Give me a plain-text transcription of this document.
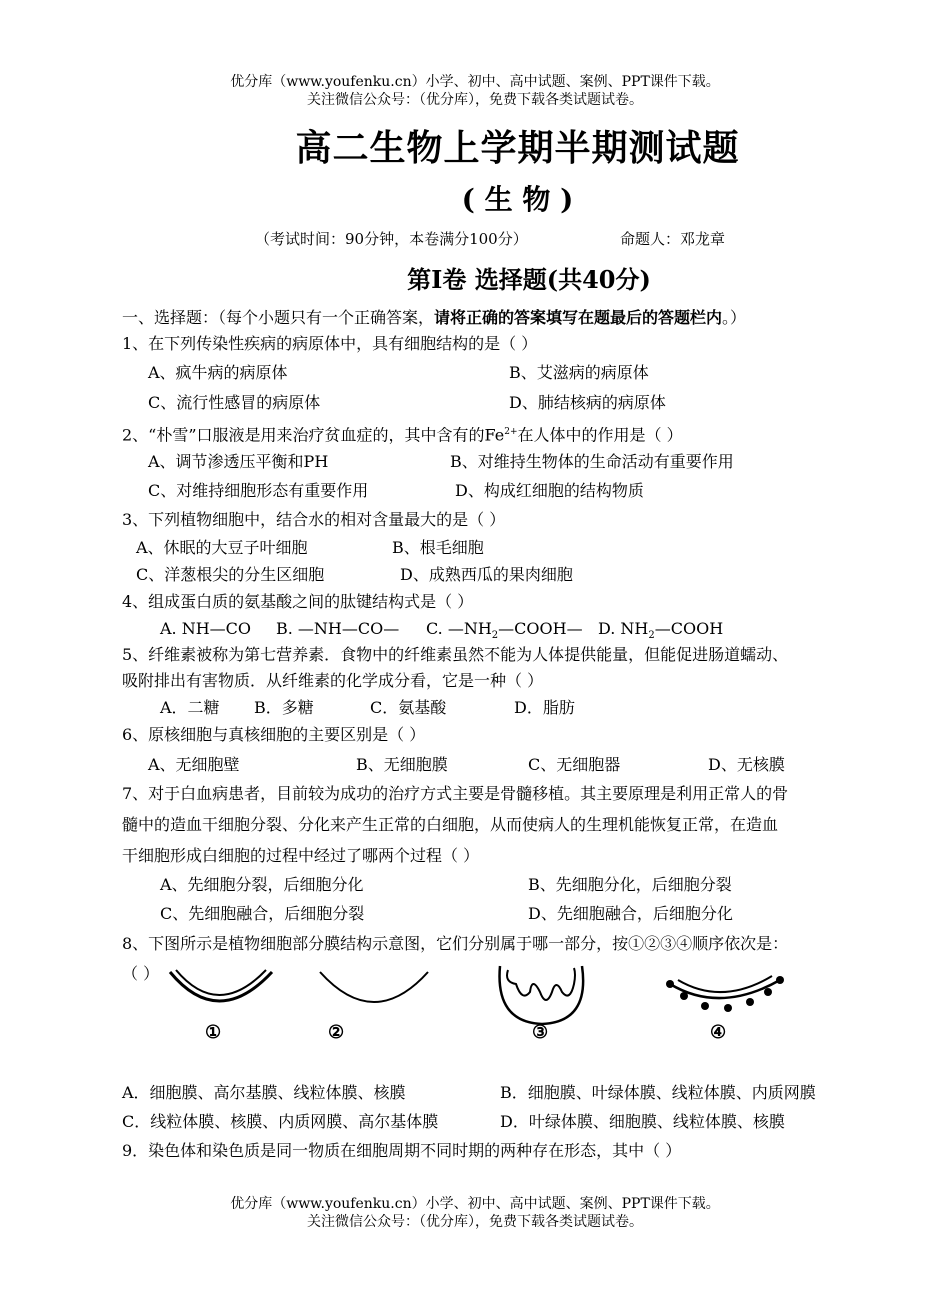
优分库（www.youfenku.cn）小学、初中、高中试题、案例、PPT课件下载。
关注微信公众号：（优分库），免费下载各类试题试卷。
高二生物上学期半期测试题
( 生 物 )
（考试时间：90分钟，本卷满分100分）	命题人：邓龙章
第Ⅰ卷 选择题(共40分)
一、选择题：（每个小题只有一个正确答案，请将正确的答案填写在题最后的答题栏内。）
1、在下列传染性疾病的病原体中，具有细胞结构的是（ ）
A、疯牛病的病原体	B、艾滋病的病原体
C、流行性感冒的病原体	D、肺结核病的病原体
2、“朴雪”口服液是用来治疗贫血症的，其中含有的$Fe^{2+}$在人体中的作用是（ ）
A、调节渗透压平衡和PH	B、对维持生物体的生命活动有重要作用
C、对维持细胞形态有重要作用	D、构成红细胞的结构物质
3、下列植物细胞中，结合水的相对含量最大的是（ ）
A、休眠的大豆子叶细胞	B、根毛细胞
C、洋葱根尖的分生区细胞	D、成熟西瓜的果肉细胞
4、组成蛋白质的氨基酸之间的肽键结构式是（ ）
A. NH—CO B. —NH—CO— C. $—NH_2—COOH—$ D. $NH_2—COOH$
5、纤维素被称为第七营养素．食物中的纤维素虽然不能为人体提供能量，但能促进肠道蠕动、
吸附排出有害物质．从纤维素的化学成分看，它是一种（ ）
A．二糖 B．多糖	C．氨基酸	D．脂肪
6、原核细胞与真核细胞的主要区别是（ ）
A、无细胞壁	B、无细胞膜	C、无细胞器	D、无核膜
7、对于白血病患者，目前较为成功的治疗方式主要是骨髓移植。其主要原理是利用正常人的骨
髓中的造血干细胞分裂、分化来产生正常的白细胞，从而使病人的生理机能恢复正常，在造血
干细胞形成白细胞的过程中经过了哪两个过程（ ）
A、先细胞分裂，后细胞分化	B、先细胞分化，后细胞分裂
C、先细胞融合，后细胞分裂	D、先细胞融合，后细胞分化
8、下图所示是植物细胞部分膜结构示意图，它们分别属于哪一部分，按①②③④顺序依次是：
（ ）
①	②	③	④
A．细胞膜、高尔基膜、线粒体膜、核膜	B．细胞膜、叶绿体膜、线粒体膜、内质网膜
C．线粒体膜、核膜、内质网膜、高尔基体膜	D．叶绿体膜、细胞膜、线粒体膜、核膜
9．染色体和染色质是同一物质在细胞周期不同时期的两种存在形态，其中（ ）
优分库（www.youfenku.cn）小学、初中、高中试题、案例、PPT课件下载。
关注微信公众号：（优分库），免费下载各类试题试卷。
